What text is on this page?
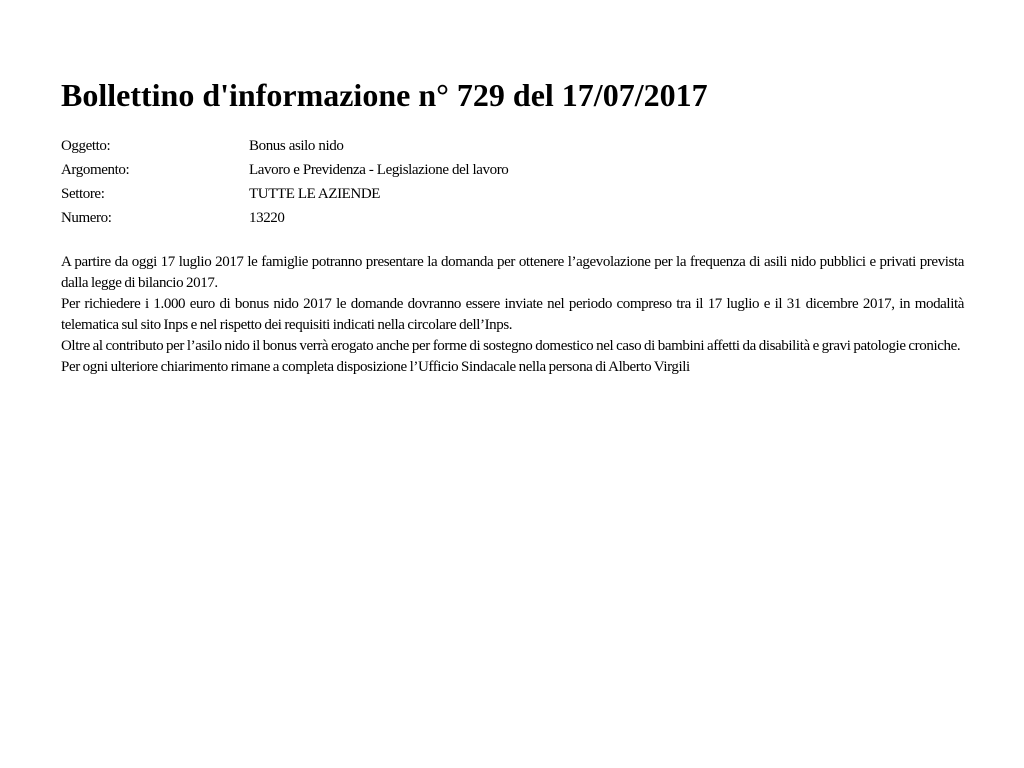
Bollettino d'informazione n° 729 del 17/07/2017
Oggetto:	Bonus asilo nido
Argomento:	Lavoro e Previdenza - Legislazione del lavoro
Settore:	TUTTE LE AZIENDE
Numero:	13220

A partire da oggi 17 luglio 2017 le famiglie potranno presentare la domanda per ottenere l’agevolazione per la frequenza di asili nido pubblici e privati prevista dalla legge di bilancio 2017.

Per richiedere i 1.000 euro di bonus nido 2017 le domande dovranno essere inviate nel periodo compreso tra il 17 luglio e il 31 dicembre 2017, in modalità telematica sul sito Inps e nel rispetto dei requisiti indicati nella circolare dell’Inps.

Oltre al contributo per l’asilo nido il bonus verrà erogato anche per forme di sostegno domestico nel caso di bambini affetti da disabilità e gravi patologie croniche.

Per ogni ulteriore chiarimento rimane a completa disposizione l’Ufficio Sindacale nella persona di Alberto Virgili
